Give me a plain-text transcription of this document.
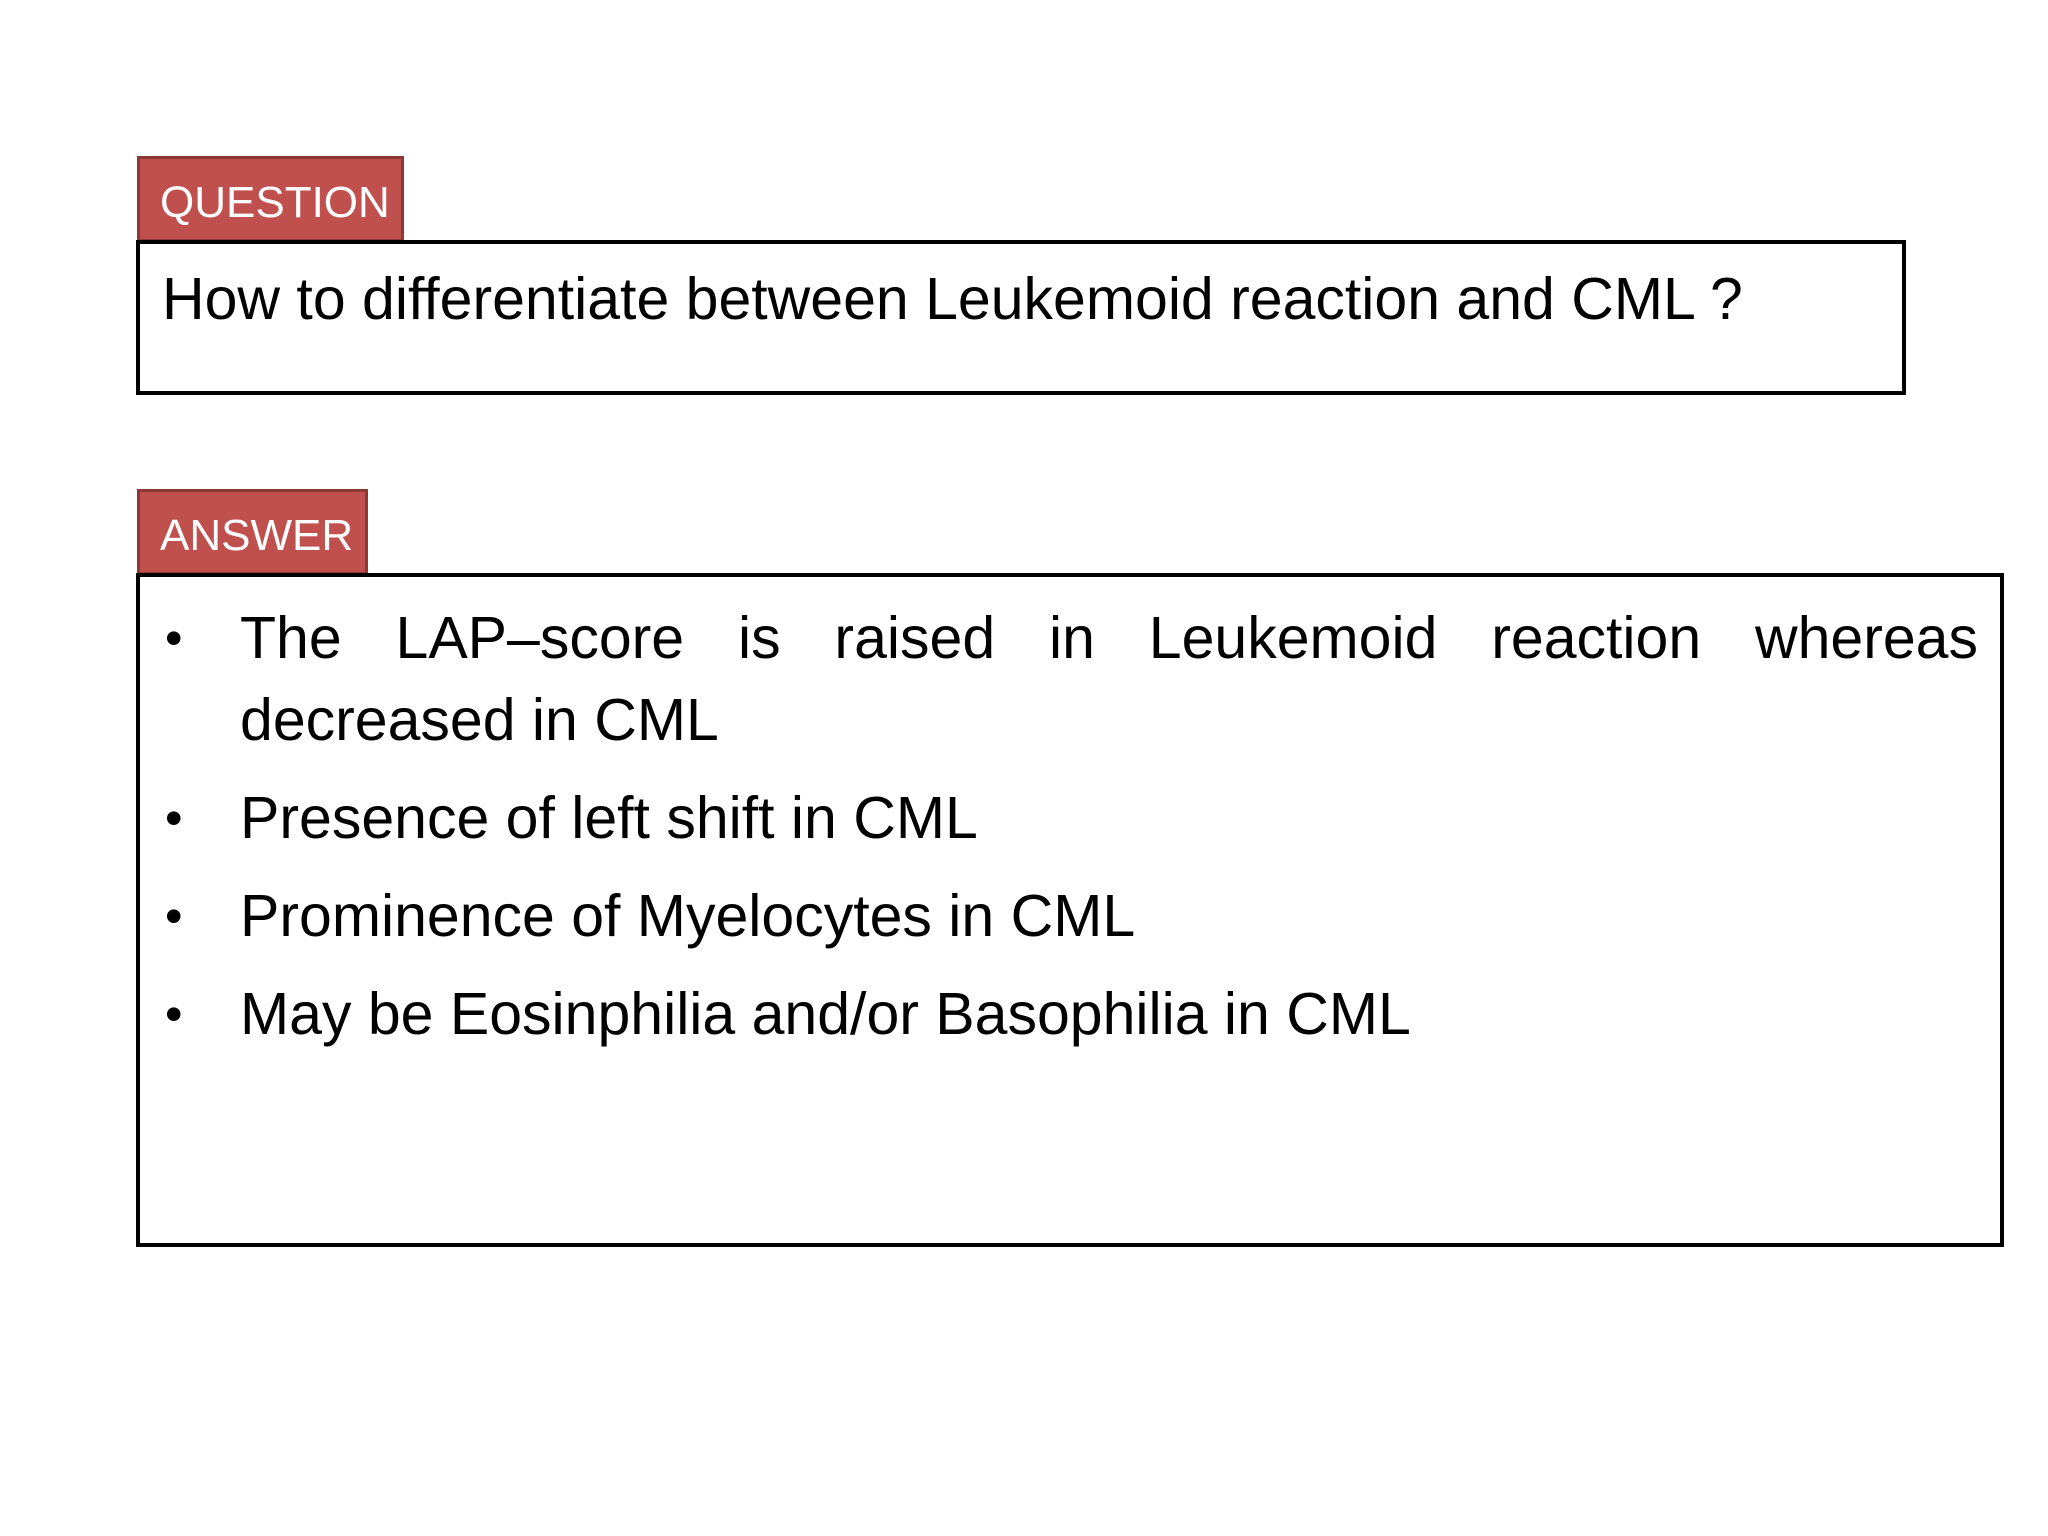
QUESTION
How to differentiate between Leukemoid reaction and CML ?
ANSWER
• The LAP–score is raised in Leukemoid reaction whereas decreased in CML
• Presence of left shift in CML
• Prominence of Myelocytes in CML
• May be Eosinphilia and/or Basophilia in CML
